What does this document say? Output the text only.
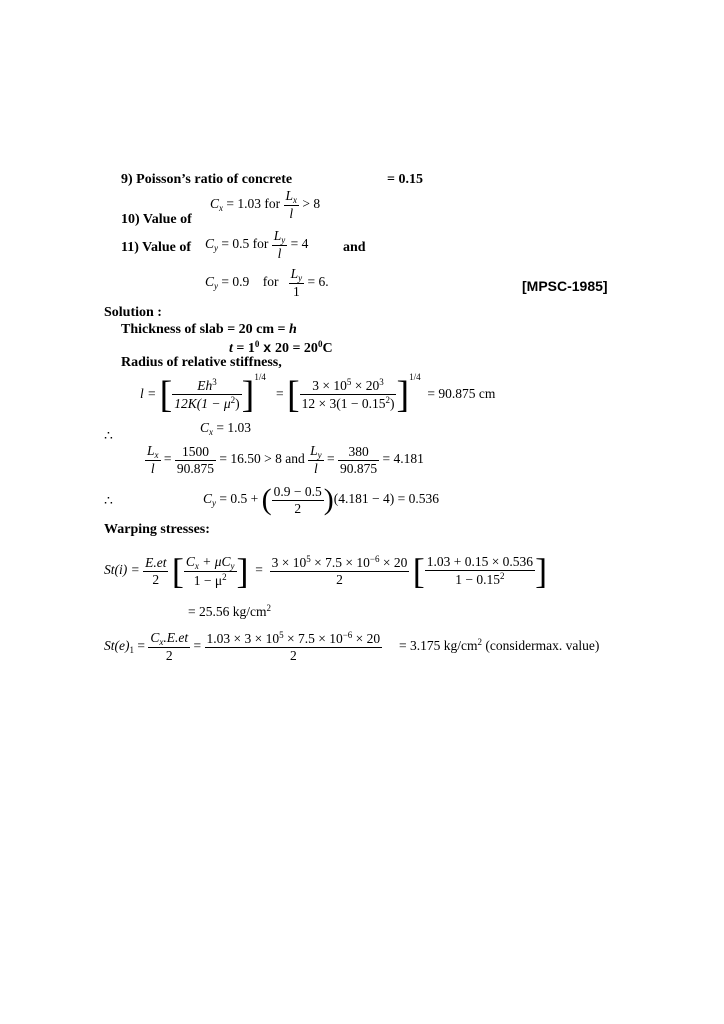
9) Poisson’s ratio of concrete	= 0.15
10) Value of
$C_x = 1.03$ for $\frac{L_x}{l} > 8$
11) Value of $C_y = 0.5$ for $\frac{L_y}{l} = 4$ and
$C_y = 0.9$ for $\frac{L_y}{1} = 6$.	[MPSC-1985]
Solution :
Thickness of slab = 20 cm = h
$t = 1^0$ x $20 = 20^0C$
Radius of relative stiffness,
l = [ $\frac{Eh^3}{12K(1 - \mu^2)} ]^{1/4}$   = [ $\frac{3 \times 10^5 \times 20^3}{12 \times 3(1 - 0.15^2)} ]^{1/4} = 90.875$ cm
$C_x = 1.03$
∴
$\frac{L_x}{l} = \frac{1500}{90.875} = 16.50 > 8$ and $\frac{L_y}{l} = \frac{380}{90.875} = 4.181$
∴	$C_y = 0.5$ + ( $\frac{0.9 - 0.5}{2} )(4.181 - 4) = 0.536$
Warping stresses:
$St(i) = \frac{E.et}{2}$ [ $\frac{C_x + \mu C_y}{1 - \mu^2}$ ] = $\frac{3 \times 10^5 \times 7.5 \times 10^{-6} \times 20}{2}$ [ $\frac{1.03 + 0.15 \times 0.536}{1 - 0.15^2}$ ]
= 25.56 $kg/cm^2$
$St(e)_1 = \frac{C_x.E.et}{2} = \frac{1.03 \times 3 \times 10^5 \times 7.5 \times 10^{-6} \times 20}{2} = 3.175$ $kg/cm^2$ (considermax. value)
